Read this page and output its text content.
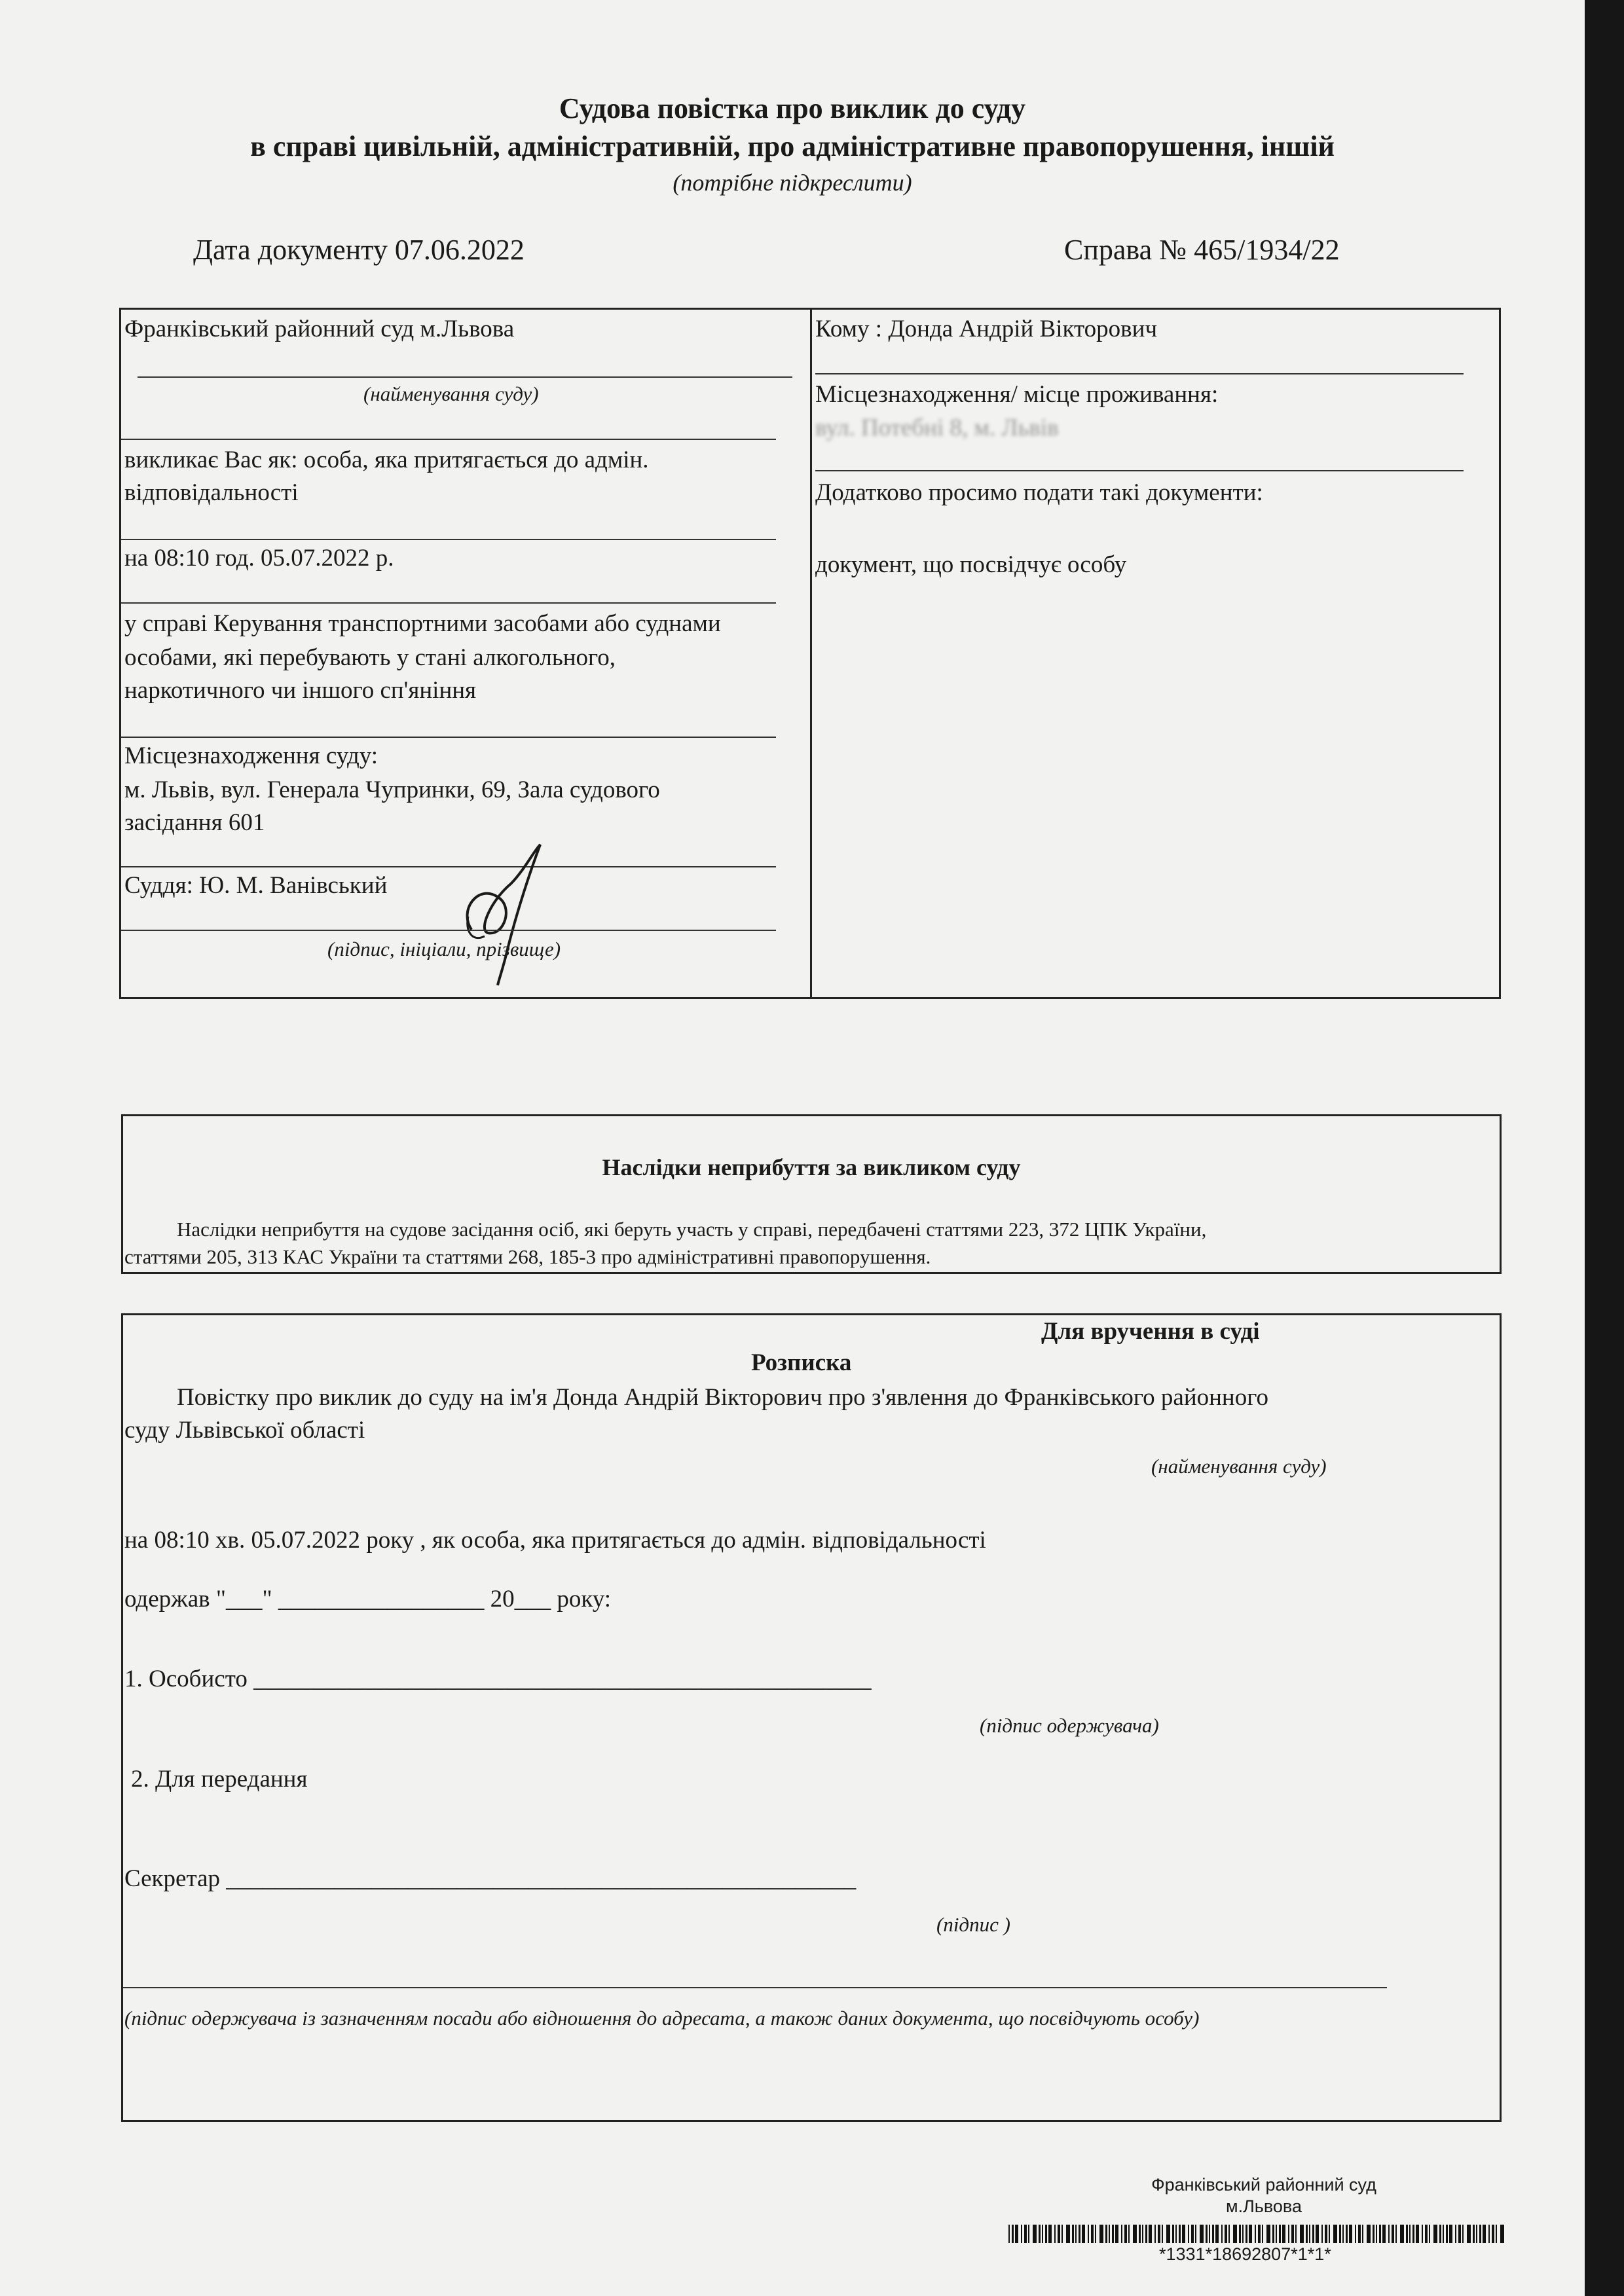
Судова повістка про виклик до суду
в справі цивільній, адміністративній, про адміністративне правопорушення, іншій
(потрібне підкреслити)
Дата документу 07.06.2022	Справа № 465/1934/22
Франківський районний суд м.Львова
(найменування суду)
викликає Вас як: особа, яка притягається до адмін.
відповідальності
на 08:10 год. 05.07.2022 р.
у справі Керування транспортними засобами або суднами
особами, які перебувають у стані алкогольного,
наркотичного чи іншого сп'яніння
Місцезнаходження суду:
м. Львів, вул. Генерала Чупринки, 69, Зала судового
засідання 601
Суддя: Ю. М. Ванівський
(підпис, ініціали, прізвище)
Кому : Донда Андрій Вікторович
Місцезнаходження/ місце проживання:
вул. Потебні 8, м. Львів
Додатково просимо подати такі документи:
документ, що посвідчує особу
Наслідки неприбуття за викликом суду
Наслідки неприбуття на судове засідання осіб, які беруть участь у справі, передбачені статтями 223, 372 ЦПК України,
статтями 205, 313 КАС України та статтями 268, 185-3 про адміністративні правопорушення.
Для вручення в суді
Розписка
Повістку про виклик до суду на ім'я Донда Андрій Вікторович про з'явлення до Франківського районного
суду Львівської області
(найменування суду)
на 08:10 хв. 05.07.2022 року , як особа, яка притягається до адмін. відповідальності
одержав "___" _________________ 20___ року:
1. Особисто ___________________________________________________
(підпис одержувача)
2. Для передання
Секретар ____________________________________________________
(підпис )
(підпис одержувача із зазначенням посади або відношення до адресата, а також даних документа, що посвідчують особу)
Франківський районний суд
м.Львова
*1331*18692807*1*1*
